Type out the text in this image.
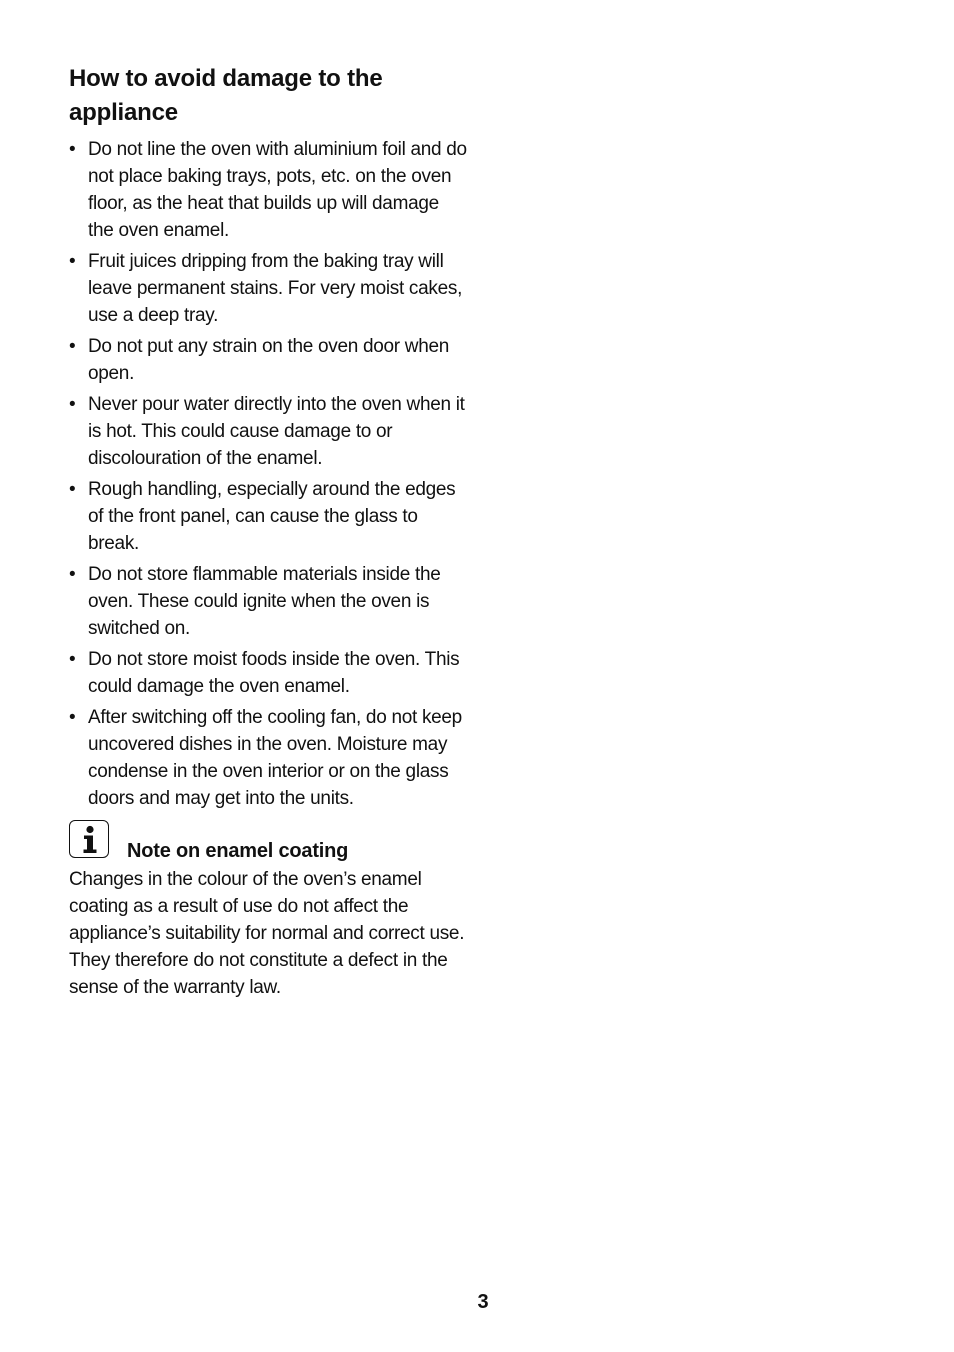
How to avoid damage to the appliance
• Do not line the oven with aluminium foil and do not place baking trays, pots, etc. on the oven floor, as the heat that builds up will damage the oven enamel.
• Fruit juices dripping from the baking tray will leave permanent stains. For very moist cakes, use a deep tray.
• Do not put any strain on the oven door when open.
• Never pour water directly into the oven when it is hot. This could cause damage to or discolouration of the enamel.
• Rough handling, especially around the edges of the front panel, can cause the glass to break.
• Do not store flammable materials inside the oven. These could ignite when the oven is switched on.
• Do not store moist foods inside the oven. This could damage the oven enamel.
• After switching off the cooling fan, do not keep uncovered dishes in the oven. Moisture may condense in the oven interior or on the glass doors and may get into the units.
Note on enamel coating

Changes in the colour of the oven’s enamel coating as a result of use do not affect the appliance’s suitability for normal and correct use. They therefore do not constitute a defect in the sense of the warranty law.

3
